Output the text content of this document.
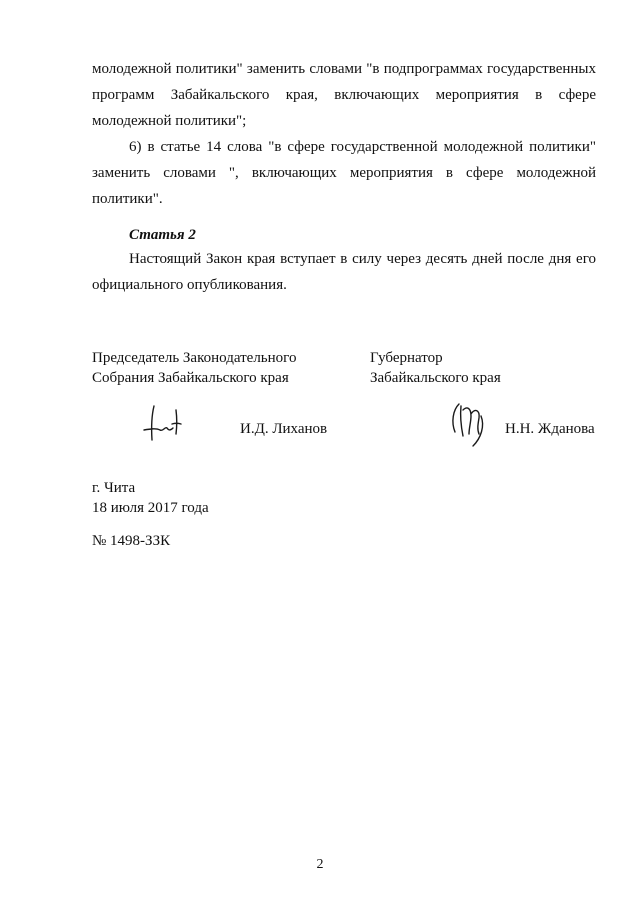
молодежной политики" заменить словами "в подпрограммах государственных программ Забайкальского края, включающих мероприятия в сфере молодежной политики";
6) в статье 14 слова "в сфере государственной молодежной политики" заменить словами ", включающих мероприятия в сфере молодежной политики".
Статья 2
Настоящий Закон края вступает в силу через десять дней после дня его официального опубликования.
Председатель Законодательного
Собрания Забайкальского края
Губернатор
Забайкальского края
И.Д. Лиханов	Н.Н. Жданова
г. Чита
18 июля 2017 года
№ 1498-ЗЗК
2
